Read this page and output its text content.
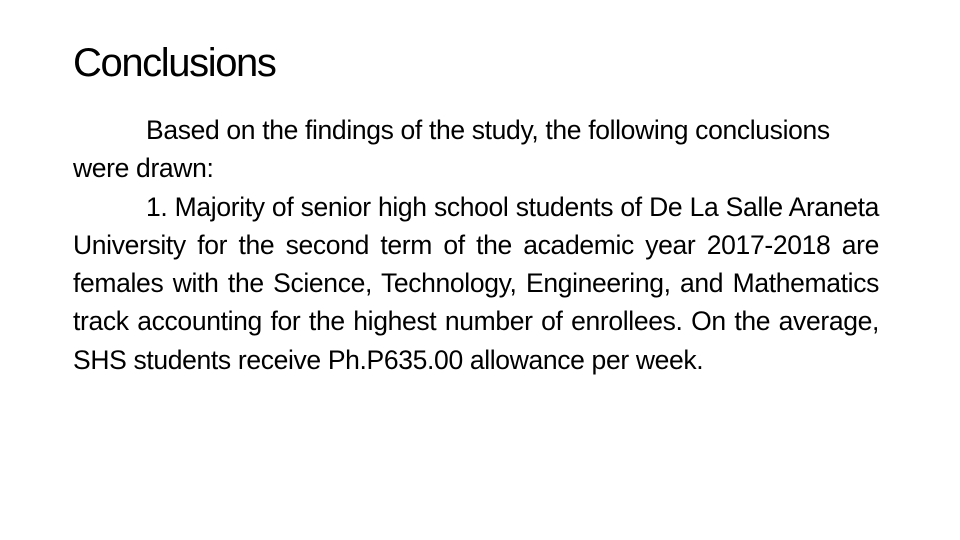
Conclusions

Based on the findings of the study, the following conclusions were drawn:

1. Majority of senior high school students of De La Salle Araneta University for the second term of the academic year 2017-2018 are females with the Science, Technology, Engineering, and Mathematics track accounting for the highest number of enrollees. On the average, SHS students receive Ph.P635.00 allowance per week.
